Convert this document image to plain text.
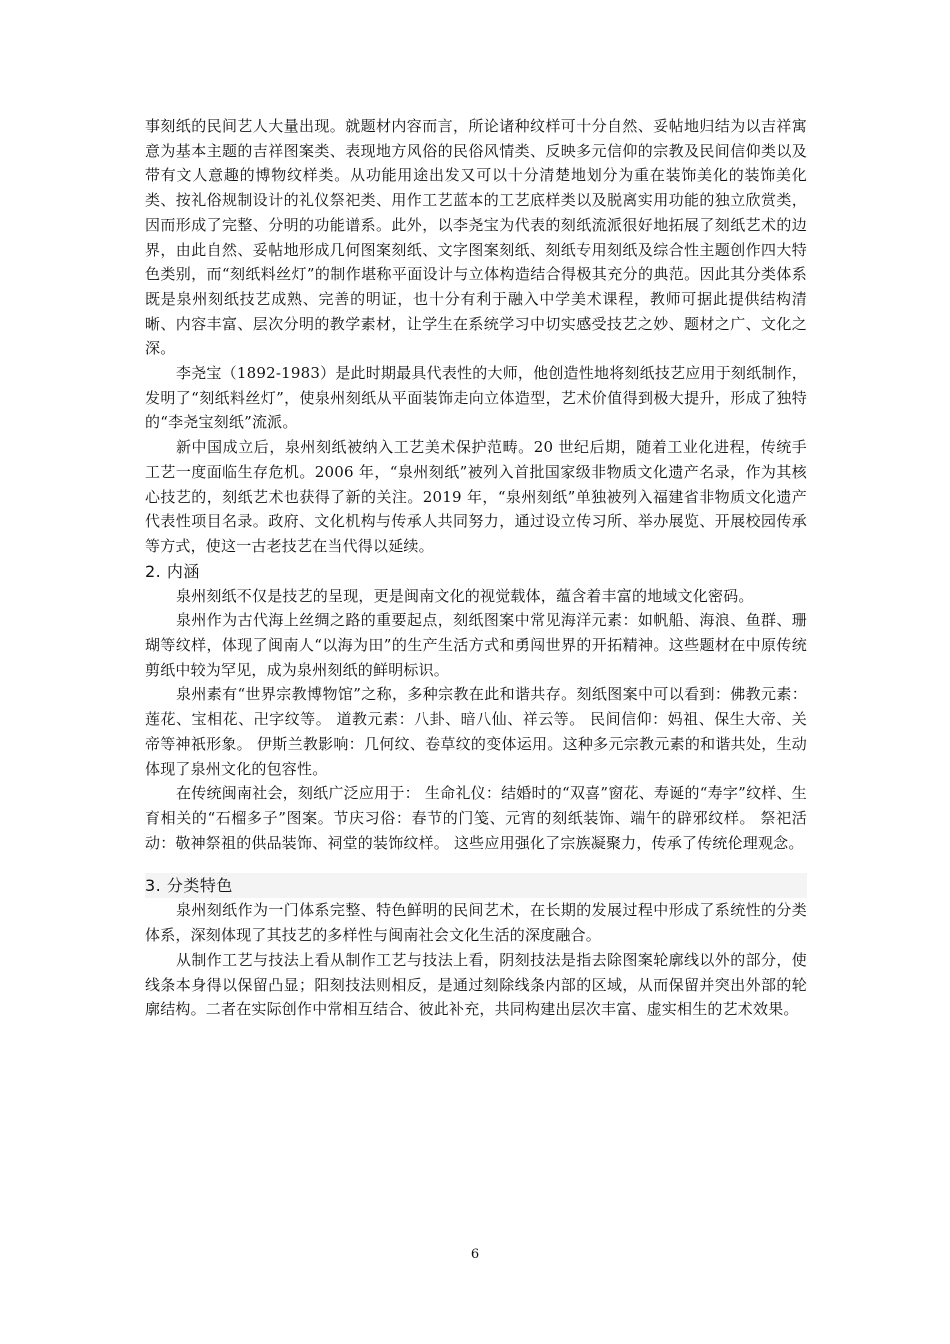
事刻纸的民间艺人大量出现。就题材内容而言，所论诸种纹样可十分自然、妥帖地归结为以吉祥寓意为基本主题的吉祥图案类、表现地方风俗的民俗风情类、反映多元信仰的宗教及民间信仰类以及带有文人意趣的博物纹样类。从功能用途出发又可以十分清楚地划分为重在装饰美化的装饰美化类、按礼俗规制设计的礼仪祭祀类、用作工艺蓝本的工艺底样类以及脱离实用功能的独立欣赏类，因而形成了完整、分明的功能谱系。此外，以李尧宝为代表的刻纸流派很好地拓展了刻纸艺术的边界，由此自然、妥帖地形成几何图案刻纸、文字图案刻纸、刻纸专用刻纸及综合性主题创作四大特色类别，而“刻纸料丝灯”的制作堪称平面设计与立体构造结合得极其充分的典范。因此其分类体系既是泉州刻纸技艺成熟、完善的明证，也十分有利于融入中学美术课程，教师可据此提供结构清晰、内容丰富、层次分明的教学素材，让学生在系统学习中切实感受技艺之妙、题材之广、文化之深。

李尧宝（1892-1983）是此时期最具代表性的大师，他创造性地将刻纸技艺应用于刻纸制作，发明了“刻纸料丝灯”，使泉州刻纸从平面装饰走向立体造型，艺术价值得到极大提升，形成了独特的“李尧宝刻纸”流派。

新中国成立后，泉州刻纸被纳入工艺美术保护范畴。20 世纪后期，随着工业化进程，传统手工艺一度面临生存危机。2006 年，“泉州刻纸”被列入首批国家级非物质文化遗产名录，作为其核心技艺的，刻纸艺术也获得了新的关注。2019 年，“泉州刻纸”单独被列入福建省非物质文化遗产代表性项目名录。政府、文化机构与传承人共同努力，通过设立传习所、举办展览、开展校园传承等方式，使这一古老技艺在当代得以延续。

2. 内涵

泉州刻纸不仅是技艺的呈现，更是闽南文化的视觉载体，蕴含着丰富的地域文化密码。

泉州作为古代海上丝绸之路的重要起点，刻纸图案中常见海洋元素：如帆船、海浪、鱼群、珊瑚等纹样，体现了闽南人“以海为田”的生产生活方式和勇闯世界的开拓精神。这些题材在中原传统剪纸中较为罕见，成为泉州刻纸的鲜明标识。

泉州素有“世界宗教博物馆”之称，多种宗教在此和谐共存。刻纸图案中可以看到：佛教元素：莲花、宝相花、卍字纹等。 道教元素：八卦、暗八仙、祥云等。 民间信仰：妈祖、保生大帝、关帝等神祇形象。 伊斯兰教影响：几何纹、卷草纹的变体运用。这种多元宗教元素的和谐共处，生动体现了泉州文化的包容性。

在传统闽南社会，刻纸广泛应用于： 生命礼仪：结婚时的“双喜”窗花、寿诞的“寿字”纹样、生育相关的“石榴多子”图案。节庆习俗：春节的门笺、元宵的刻纸装饰、端午的辟邪纹样。 祭祀活动：敬神祭祖的供品装饰、祠堂的装饰纹样。 这些应用强化了宗族凝聚力，传承了传统伦理观念。

3. 分类特色

泉州刻纸作为一门体系完整、特色鲜明的民间艺术，在长期的发展过程中形成了系统性的分类体系，深刻体现了其技艺的多样性与闽南社会文化生活的深度融合。

从制作工艺与技法上看从制作工艺与技法上看，阴刻技法是指去除图案轮廓线以外的部分，使线条本身得以保留凸显；阳刻技法则相反，是通过刻除线条内部的区域，从而保留并突出外部的轮廓结构。二者在实际创作中常相互结合、彼此补充，共同构建出层次丰富、虚实相生的艺术效果。

6
